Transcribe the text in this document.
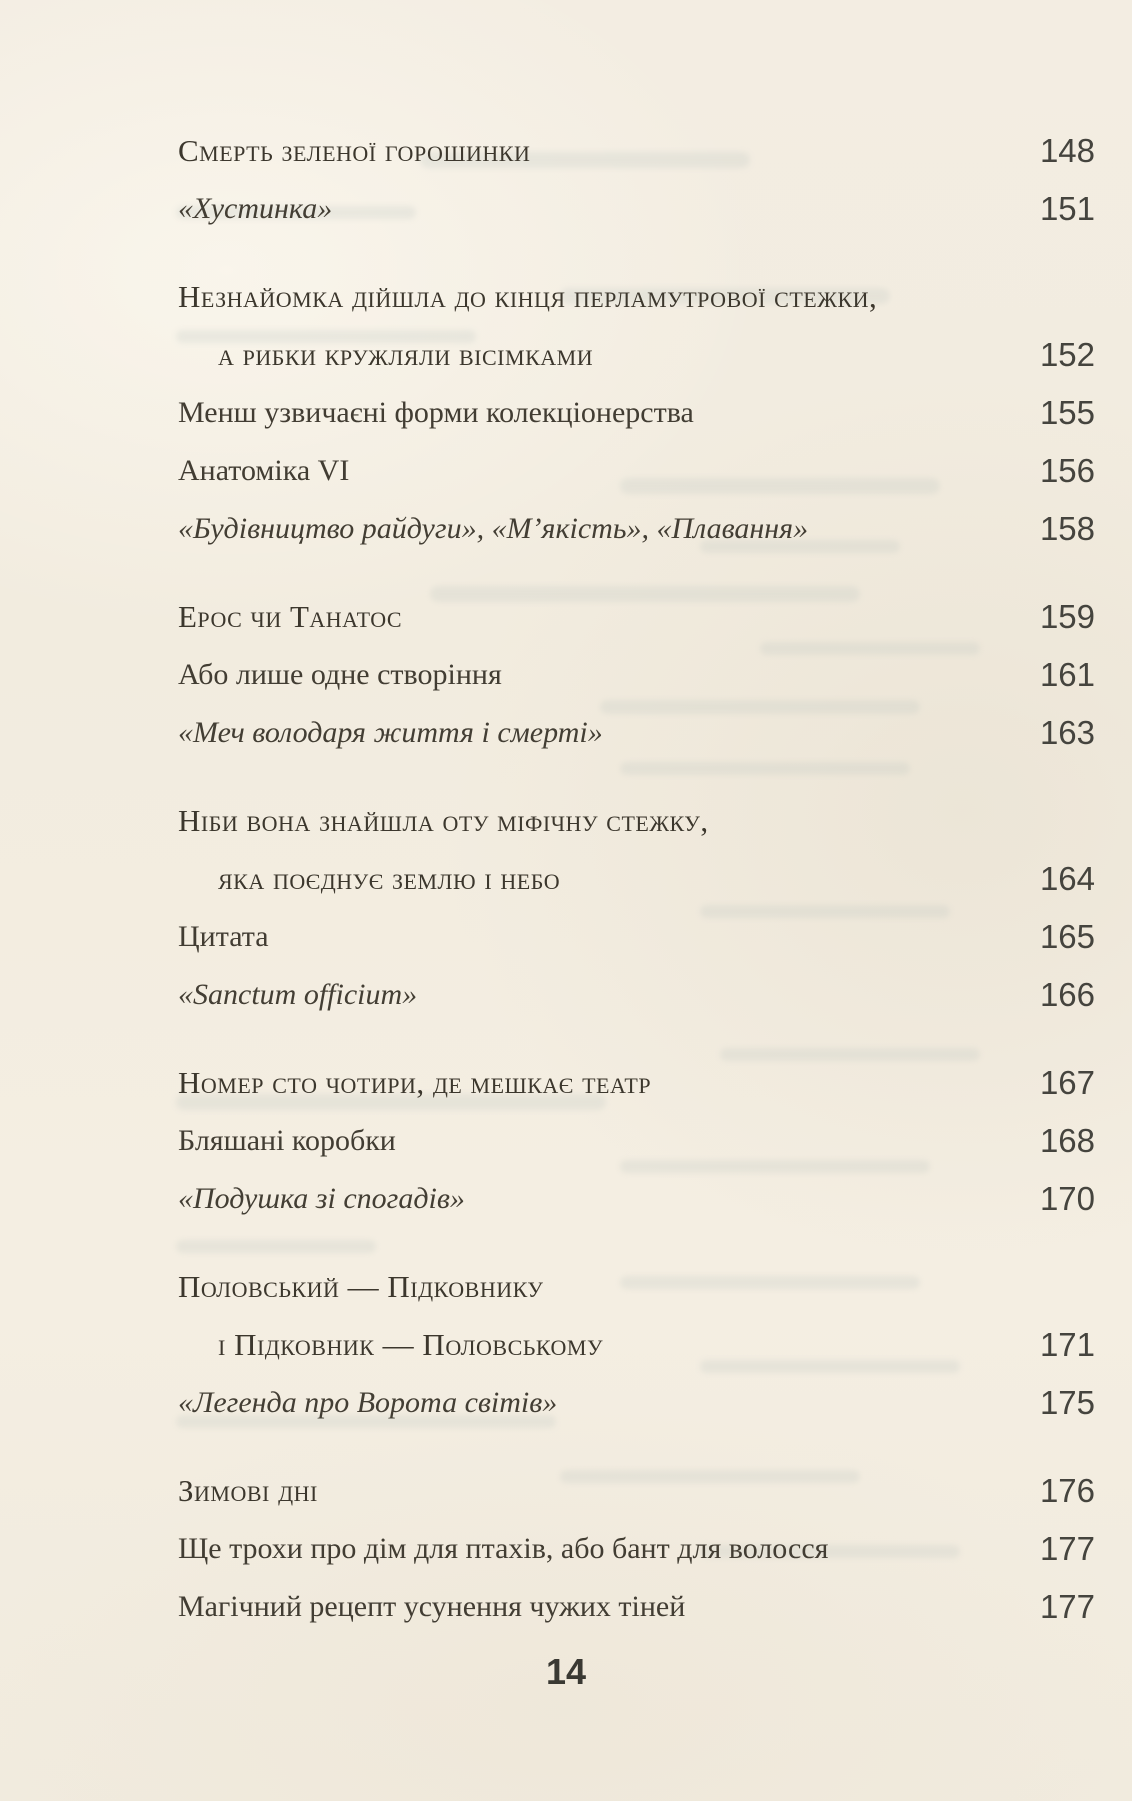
Смерть зеленої горошинки	148
«Хустинка»	151
Незнайомка дійшла до кінця перламутрової стежки,
а рибки кружляли вісімками	152
Менш узвичаєні форми колекціонерства	155
Анатоміка VI	156
«Будівництво райдуги», «М’якість», «Плавання»	158
Ерос чи Танатос	159
Або лише одне створіння	161
«Меч володаря життя і смерті»	163
Ніби вона знайшла оту міфічну стежку,
яка поєднує землю і небо	164
Цитата	165
«Sanctum officium»	166
Номер сто чотири, де мешкає театр	167
Бляшані коробки	168
«Подушка зі спогадів»	170
Половський — Підковнику
і Підковник — Половському	171
«Легенда про Ворота світів»	175
Зимові дні	176
Ще трохи про дім для птахів, або бант для волосся	177
Магічний рецепт усунення чужих тіней	177
14
